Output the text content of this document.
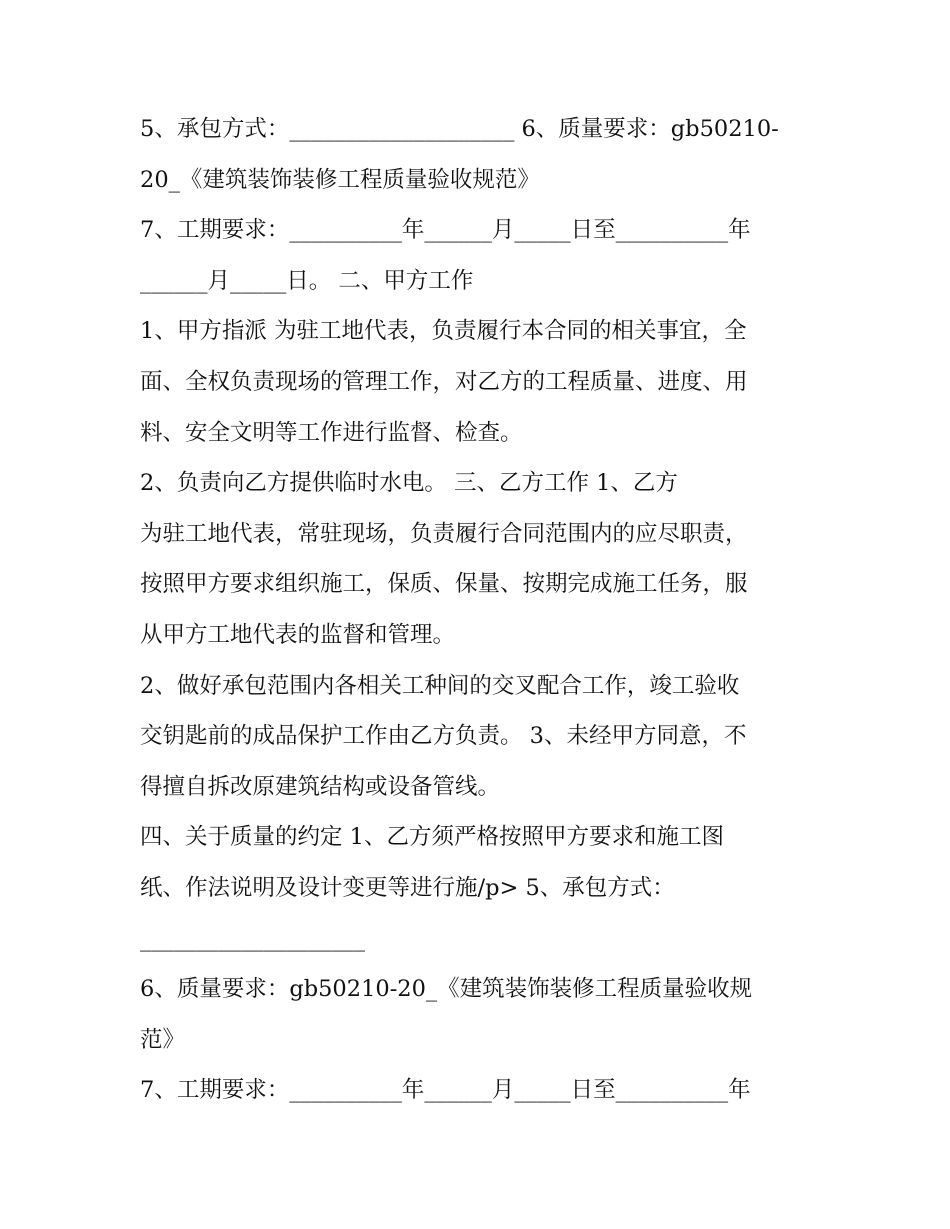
5、承包方式：____________________ 6、质量要求：gb50210-
20_《建筑装饰装修工程质量验收规范》
7、工期要求：__________年______月_____日至__________年
______月_____日。 二、甲方工作
1、甲方指派 为驻工地代表，负责履行本合同的相关事宜，全
面、全权负责现场的管理工作，对乙方的工程质量、进度、用
料、安全文明等工作进行监督、检查。
2、负责向乙方提供临时水电。 三、乙方工作 1、乙方
为驻工地代表，常驻现场，负责履行合同范围内的应尽职责，
按照甲方要求组织施工，保质、保量、按期完成施工任务，服
从甲方工地代表的监督和管理。
2、做好承包范围内各相关工种间的交叉配合工作，竣工验收
交钥匙前的成品保护工作由乙方负责。 3、未经甲方同意，不
得擅自拆改原建筑结构或设备管线。
四、关于质量的约定 1、乙方须严格按照甲方要求和施工图
纸、作法说明及设计变更等进行施/p> 5、承包方式：
____________________
6、质量要求：gb50210-20_《建筑装饰装修工程质量验收规
范》
7、工期要求：__________年______月_____日至__________年
